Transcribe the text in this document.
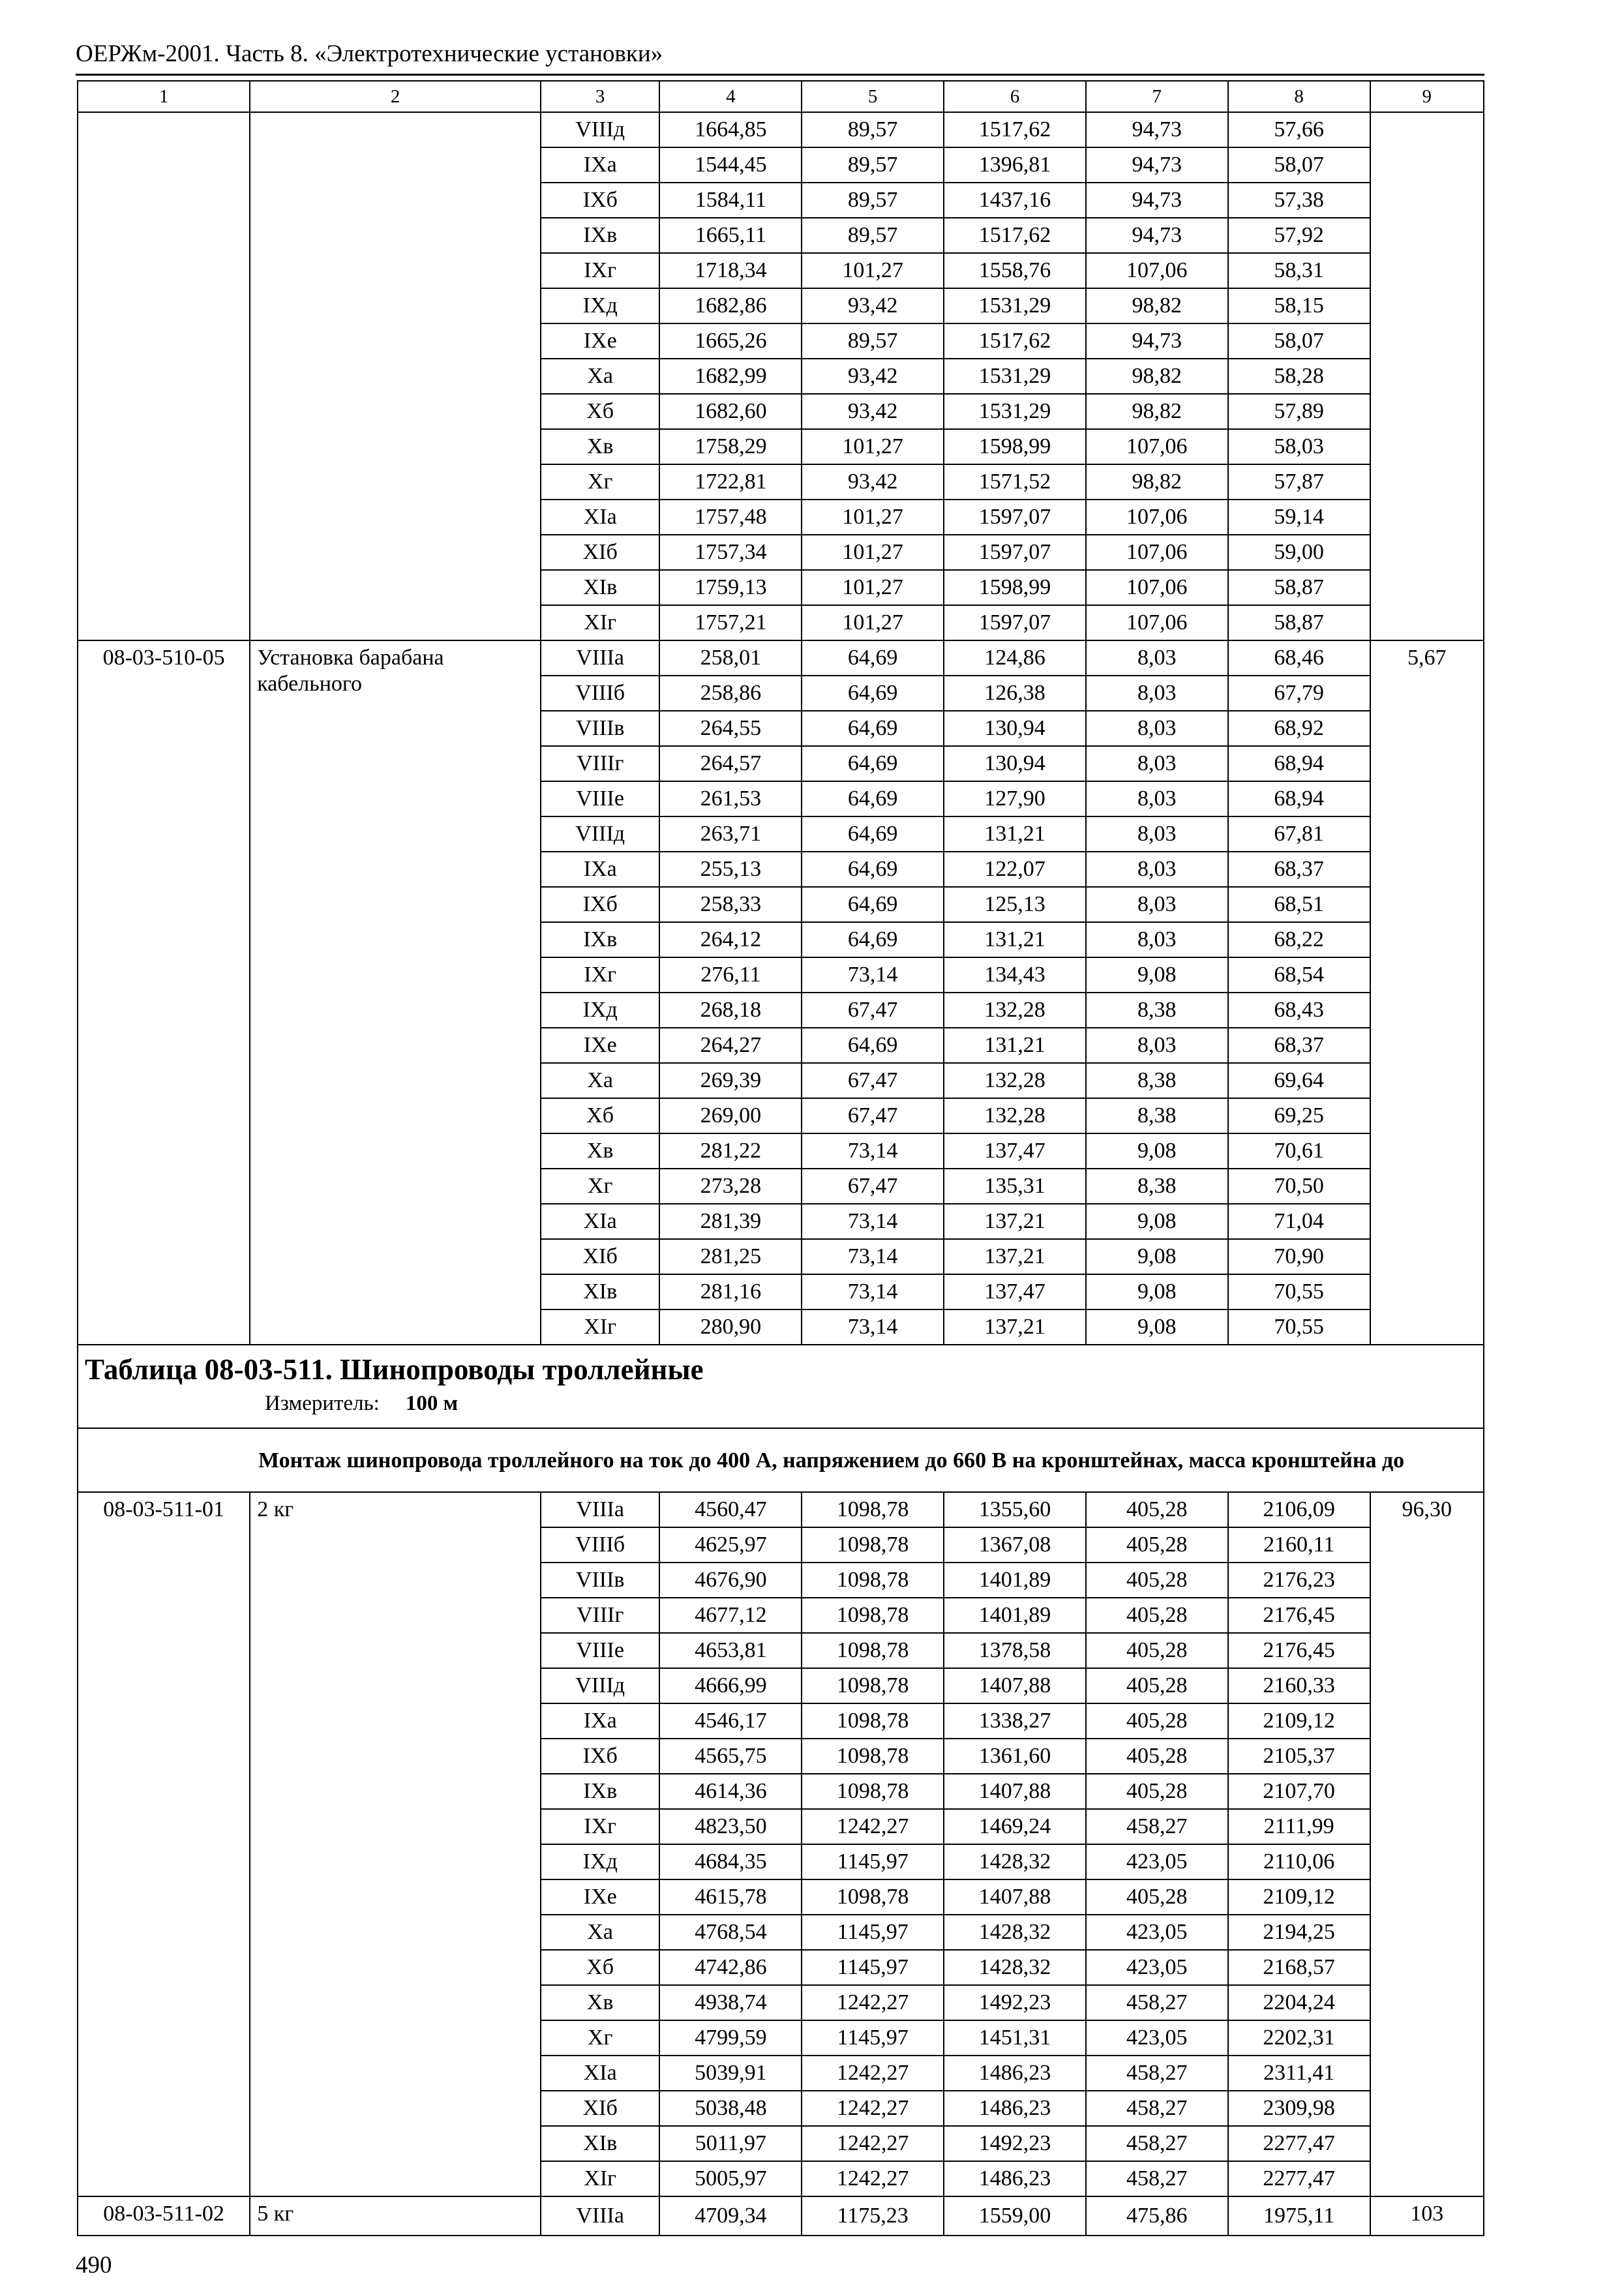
ОЕРЖм-2001. Часть 8. «Электротехнические установки»
1	2	3	4	5	6	7	8	9
		VIIIд	1664,85	89,57	1517,62	94,73	57,66	
		IXа	1544,45	89,57	1396,81	94,73	58,07	
		IXб	1584,11	89,57	1437,16	94,73	57,38	
		IXв	1665,11	89,57	1517,62	94,73	57,92	
		IXг	1718,34	101,27	1558,76	107,06	58,31	
		IXд	1682,86	93,42	1531,29	98,82	58,15	
		IXе	1665,26	89,57	1517,62	94,73	58,07	
		Xа	1682,99	93,42	1531,29	98,82	58,28	
		Xб	1682,60	93,42	1531,29	98,82	57,89	
		Xв	1758,29	101,27	1598,99	107,06	58,03	
		Xг	1722,81	93,42	1571,52	98,82	57,87	
		XIа	1757,48	101,27	1597,07	107,06	59,14	
		XIб	1757,34	101,27	1597,07	107,06	59,00	
		XIв	1759,13	101,27	1598,99	107,06	58,87	
		XIг	1757,21	101,27	1597,07	107,06	58,87	
08-03-510-05	Установка барабана кабельного	VIIIа	258,01	64,69	124,86	8,03	68,46	5,67
		VIIIб	258,86	64,69	126,38	8,03	67,79	
		VIIIв	264,55	64,69	130,94	8,03	68,92	
		VIIIг	264,57	64,69	130,94	8,03	68,94	
		VIIIе	261,53	64,69	127,90	8,03	68,94	
		VIIIд	263,71	64,69	131,21	8,03	67,81	
		IXа	255,13	64,69	122,07	8,03	68,37	
		IXб	258,33	64,69	125,13	8,03	68,51	
		IXв	264,12	64,69	131,21	8,03	68,22	
		IXг	276,11	73,14	134,43	9,08	68,54	
		IXд	268,18	67,47	132,28	8,38	68,43	
		IXе	264,27	64,69	131,21	8,03	68,37	
		Xа	269,39	67,47	132,28	8,38	69,64	
		Xб	269,00	67,47	132,28	8,38	69,25	
		Xв	281,22	73,14	137,47	9,08	70,61	
		Xг	273,28	67,47	135,31	8,38	70,50	
		XIа	281,39	73,14	137,21	9,08	71,04	
		XIб	281,25	73,14	137,21	9,08	70,90	
		XIв	281,16	73,14	137,47	9,08	70,55	
		XIг	280,90	73,14	137,21	9,08	70,55	

Таблица 08-03-511. Шинопроводы троллейные
Измеритель: 100 м								

Монтаж шинопровода троллейного на ток до 400 А, напряжением до 660 В на кронштейнах, масса кронштейна до								
08-03-511-01	2 кг	VIIIа	4560,47	1098,78	1355,60	405,28	2106,09	96,30
		VIIIб	4625,97	1098,78	1367,08	405,28	2160,11	
		VIIIв	4676,90	1098,78	1401,89	405,28	2176,23	
		VIIIг	4677,12	1098,78	1401,89	405,28	2176,45	
		VIIIе	4653,81	1098,78	1378,58	405,28	2176,45	
		VIIIд	4666,99	1098,78	1407,88	405,28	2160,33	
		IXа	4546,17	1098,78	1338,27	405,28	2109,12	
		IXб	4565,75	1098,78	1361,60	405,28	2105,37	
		IXв	4614,36	1098,78	1407,88	405,28	2107,70	
		IXг	4823,50	1242,27	1469,24	458,27	2111,99	
		IXд	4684,35	1145,97	1428,32	423,05	2110,06	
		IXе	4615,78	1098,78	1407,88	405,28	2109,12	
		Xа	4768,54	1145,97	1428,32	423,05	2194,25	
		Xб	4742,86	1145,97	1428,32	423,05	2168,57	
		Xв	4938,74	1242,27	1492,23	458,27	2204,24	
		Xг	4799,59	1145,97	1451,31	423,05	2202,31	
		XIа	5039,91	1242,27	1486,23	458,27	2311,41	
		XIб	5038,48	1242,27	1486,23	458,27	2309,98	
		XIв	5011,97	1242,27	1492,23	458,27	2277,47	
		XIг	5005,97	1242,27	1486,23	458,27	2277,47	
08-03-511-02	5 кг	VIIIа	4709,34	1175,23	1559,00	475,86	1975,11	103
490
